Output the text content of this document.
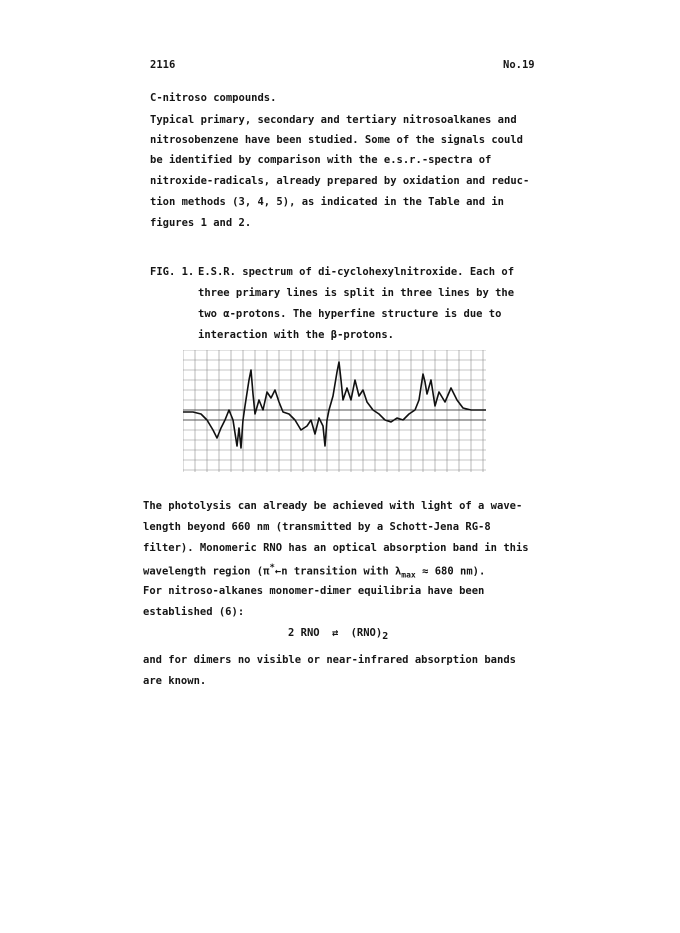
2116	No.19
C-nitroso compounds.
Typical primary, secondary and tertiary nitrosoalkanes and
nitrosobenzene have been studied. Some of the signals could
be identified by comparison with the e.s.r.-spectra of
nitroxide-radicals, already prepared by oxidation and reduc-
tion methods (3, 4, 5), as indicated in the Table and in
figures 1 and 2.
FIG. 1. E.S.R. spectrum of di-cyclohexylnitroxide. Each of
three primary lines is split in three lines by the
two α-protons. The hyperfine structure is due to
interaction with the β-protons.
The photolysis can already be achieved with light of a wave-
length beyond 660 nm (transmitted by a Schott-Jena RG-8
filter). Monomeric RNO has an optical absorption band in this
wavelength region (π*←n transition with $\lambda_{max} \approx 680$ nm).
For nitroso-alkanes monomer-dimer equilibria have been
established (6):
2 RNO ⇄ (RNO)2
and for dimers no visible or near-infrared absorption bands
are known.
